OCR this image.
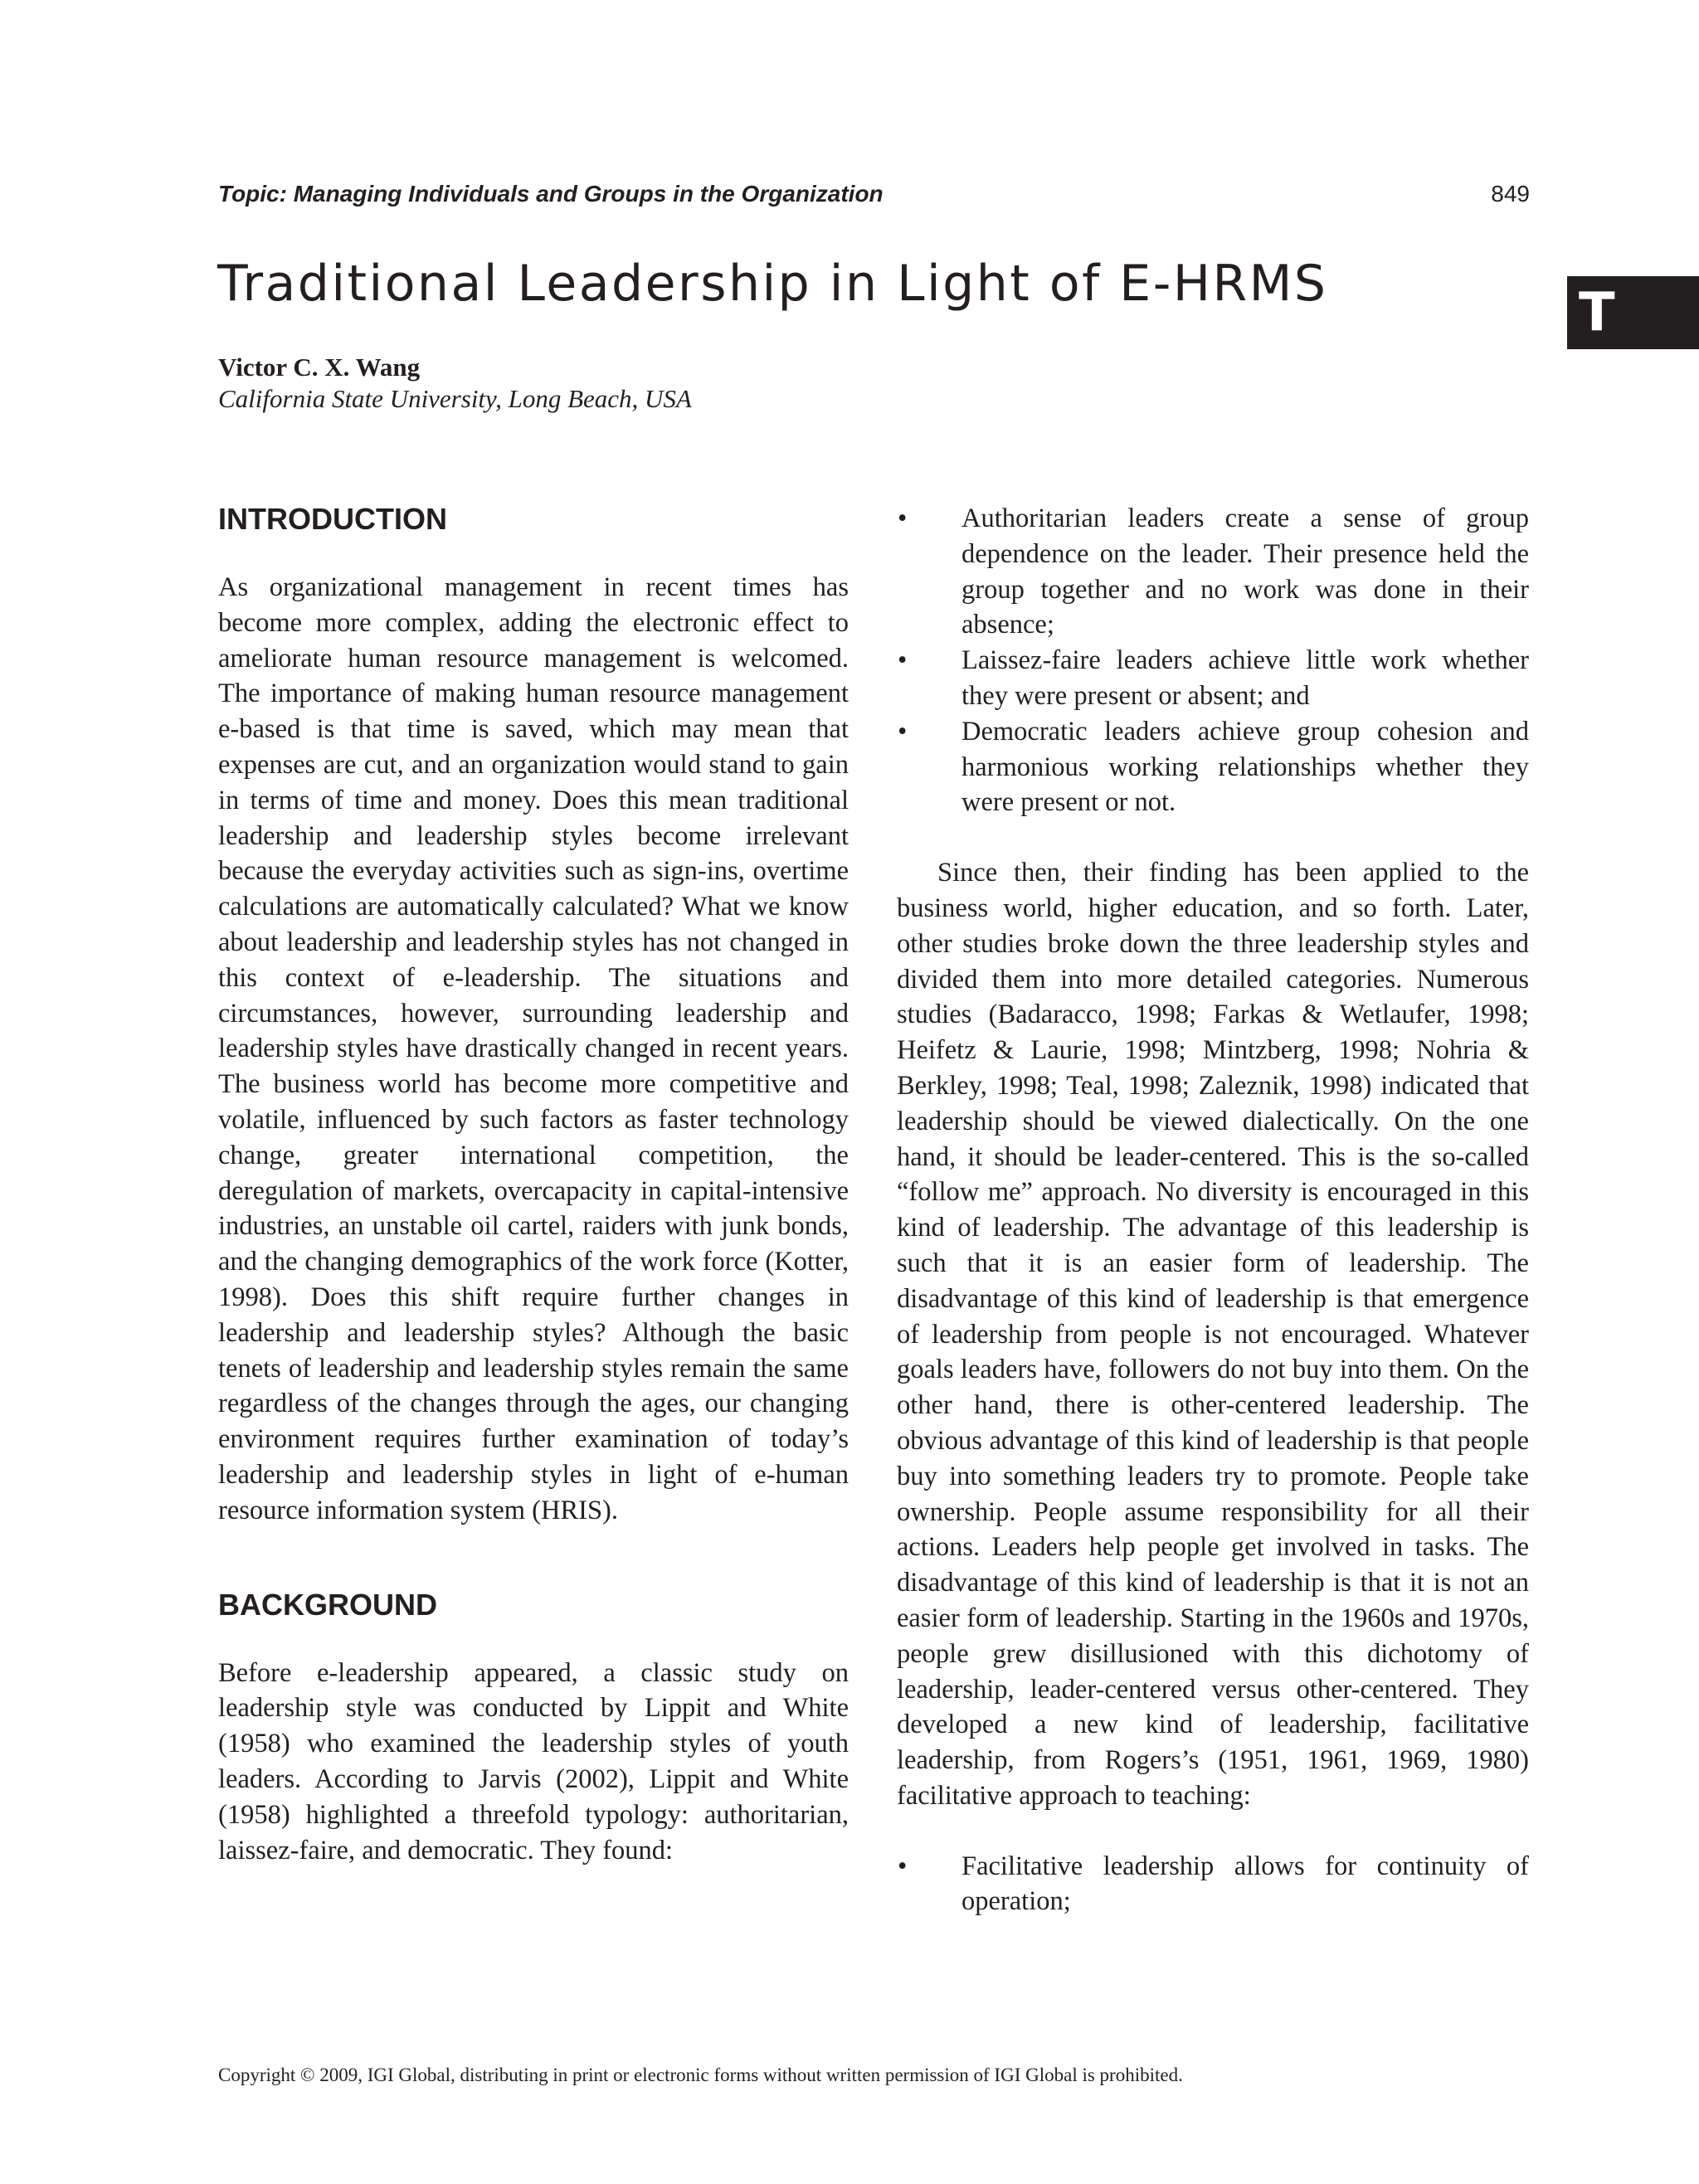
Topic: Managing Individuals and Groups in the Organization	849
Traditional Leadership in Light of E-HRMS	T
Victor C. X. Wang
California State University, Long Beach, USA
INTRODUCTION

As organizational management in recent times has become more complex, adding the electronic effect to ameliorate human resource management is welcomed. The importance of making human resource management e-based is that time is saved, which may mean that expenses are cut, and an organization would stand to gain in terms of time and money. Does this mean traditional leadership and leadership styles become irrelevant because the everyday activities such as sign-ins, overtime calculations are automatically calculated? What we know about leadership and leadership styles has not changed in this context of e-leadership. The situations and circumstances, however, surrounding leadership and leadership styles have drastically changed in recent years. The business world has become more competitive and volatile, influenced by such factors as faster technology change, greater international competition, the deregulation of markets, overcapacity in capital-intensive industries, an unstable oil cartel, raiders with junk bonds, and the changing demographics of the work force (Kotter, 1998). Does this shift require further changes in leadership and leadership styles? Although the basic tenets of leadership and leadership styles remain the same regardless of the changes through the ages, our changing environment requires further examination of today’s leadership and leadership styles in light of e-human resource information system (HRIS).

BACKGROUND

Before e-leadership appeared, a classic study on leadership style was conducted by Lippit and White (1958) who examined the leadership styles of youth leaders. According to Jarvis (2002), Lippit and White (1958) highlighted a threefold typology: authoritarian, laissez-faire, and democratic. They found:

• Authoritarian leaders create a sense of group dependence on the leader. Their presence held the group together and no work was done in their absence;
• Laissez-faire leaders achieve little work whether they were present or absent; and
• Democratic leaders achieve group cohesion and harmonious working relationships whether they were present or not.

Since then, their finding has been applied to the business world, higher education, and so forth. Later, other studies broke down the three leadership styles and divided them into more detailed categories. Numerous studies (Badaracco, 1998; Farkas & Wetlaufer, 1998; Heifetz & Laurie, 1998; Mintzberg, 1998; Nohria & Berkley, 1998; Teal, 1998; Zaleznik, 1998) indicated that leadership should be viewed dialectically. On the one hand, it should be leader-centered. This is the so-called “follow me” approach. No diversity is encouraged in this kind of leadership. The advantage of this leadership is such that it is an easier form of leadership. The disadvantage of this kind of leadership is that emergence of leadership from people is not encouraged. Whatever goals leaders have, followers do not buy into them. On the other hand, there is other-centered leadership. The obvious advantage of this kind of leadership is that people buy into something leaders try to promote. People take ownership. People assume responsibility for all their actions. Leaders help people get involved in tasks. The disadvantage of this kind of leadership is that it is not an easier form of leadership. Starting in the 1960s and 1970s, people grew disillusioned with this dichotomy of leadership, leader-centered versus other-centered. They developed a new kind of leadership, facilitative leadership, from Rogers’s (1951, 1961, 1969, 1980) facilitative approach to teaching:

• Facilitative leadership allows for continuity of operation;
Copyright © 2009, IGI Global, distributing in print or electronic forms without written permission of IGI Global is prohibited.
